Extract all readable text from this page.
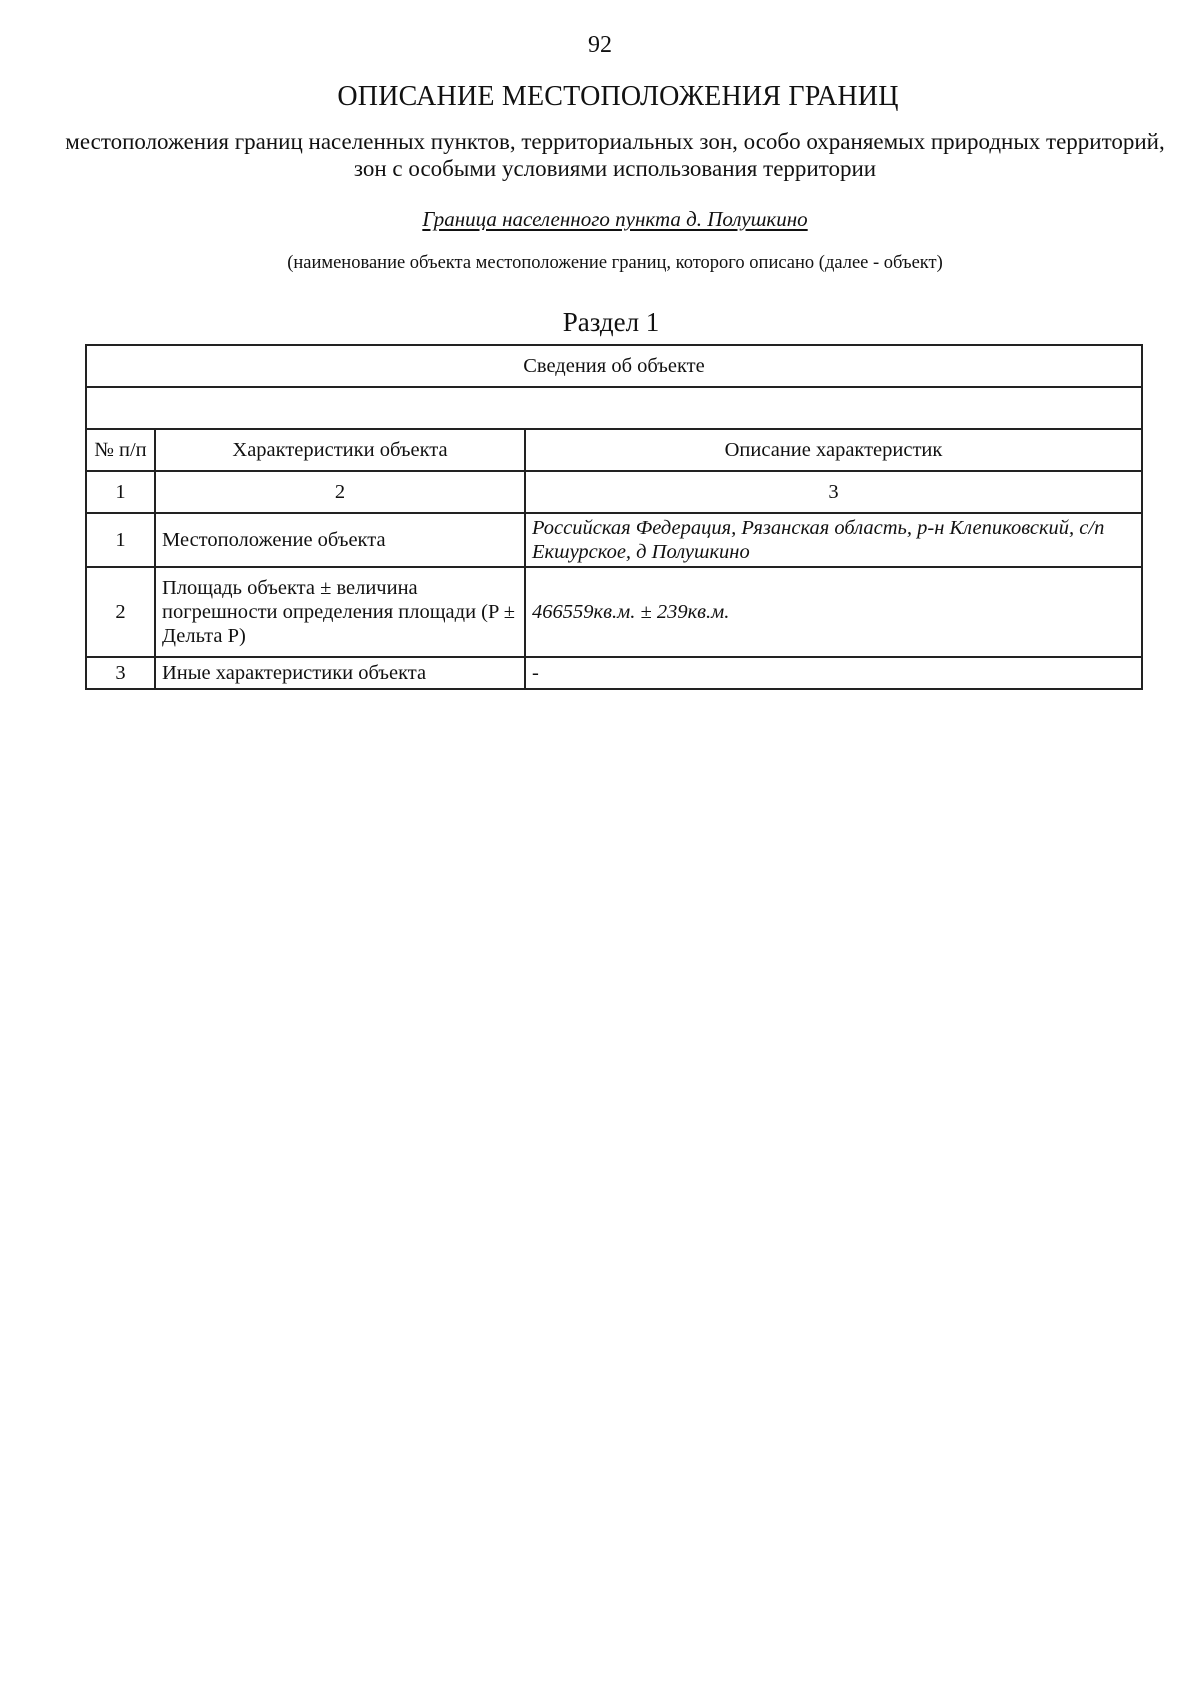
92
ОПИСАНИЕ МЕСТОПОЛОЖЕНИЯ ГРАНИЦ
местоположения границ населенных пунктов, территориальных зон, особо охраняемых природных территорий, зон с особыми условиями использования территории
Граница населенного пункта д. Полушкино
(наименование объекта местоположение границ, которого описано (далее - объект)
Раздел 1
Сведения об объекте		

№ п/п	Характеристики объекта	Описание характеристик
1	2	3
1	Местоположение объекта	Российская Федерация, Рязанская область, р-н Клепиковский, с/п Екшурское, д Полушкино
2	Площадь объекта ± величина погрешности определения площади (P ± Дельта P)	466559кв.м. ± 239кв.м.
3	Иные характеристики объекта	-
